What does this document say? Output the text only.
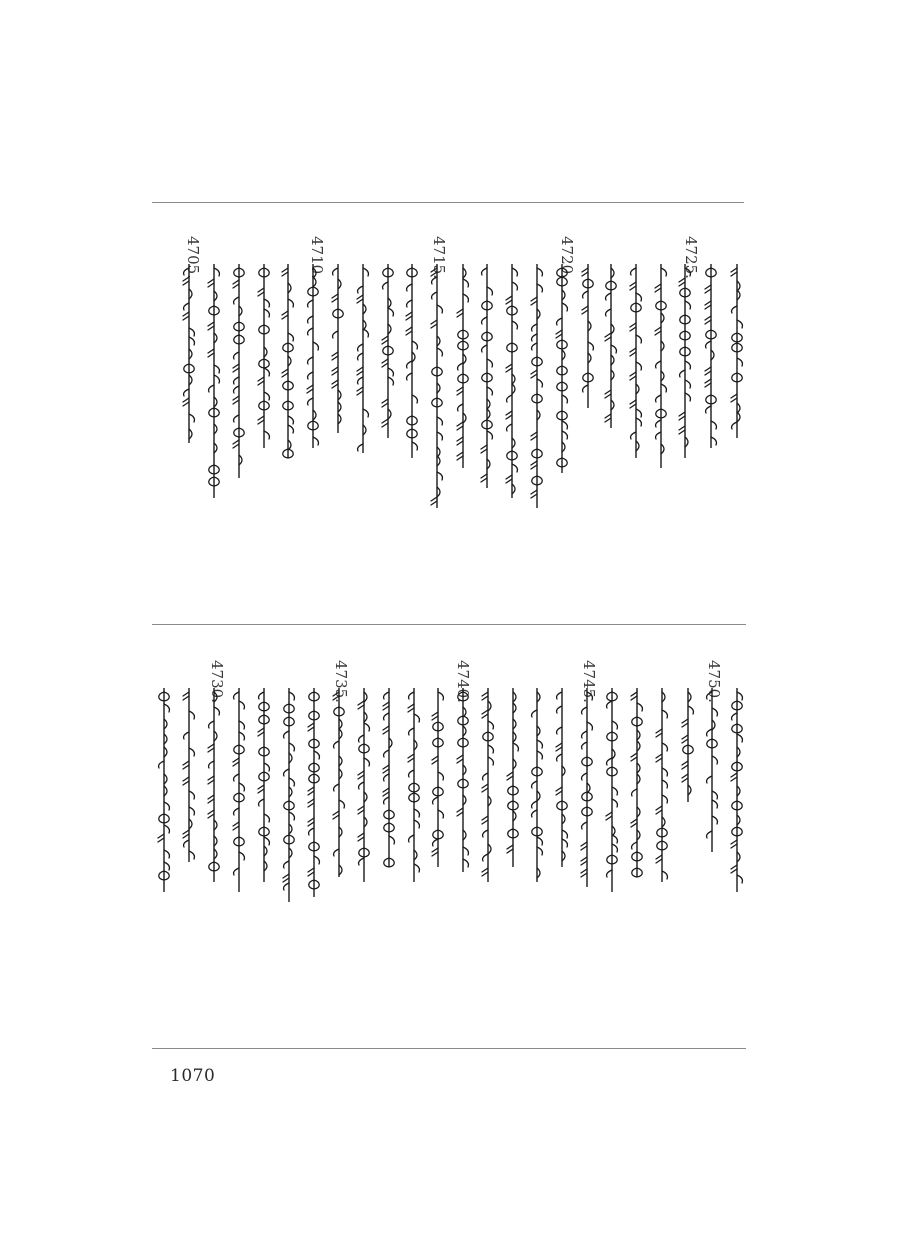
4725.
4720.
4715.
4710.
4705.
4750.
4745.
4740.
4735.
4730.
1070
